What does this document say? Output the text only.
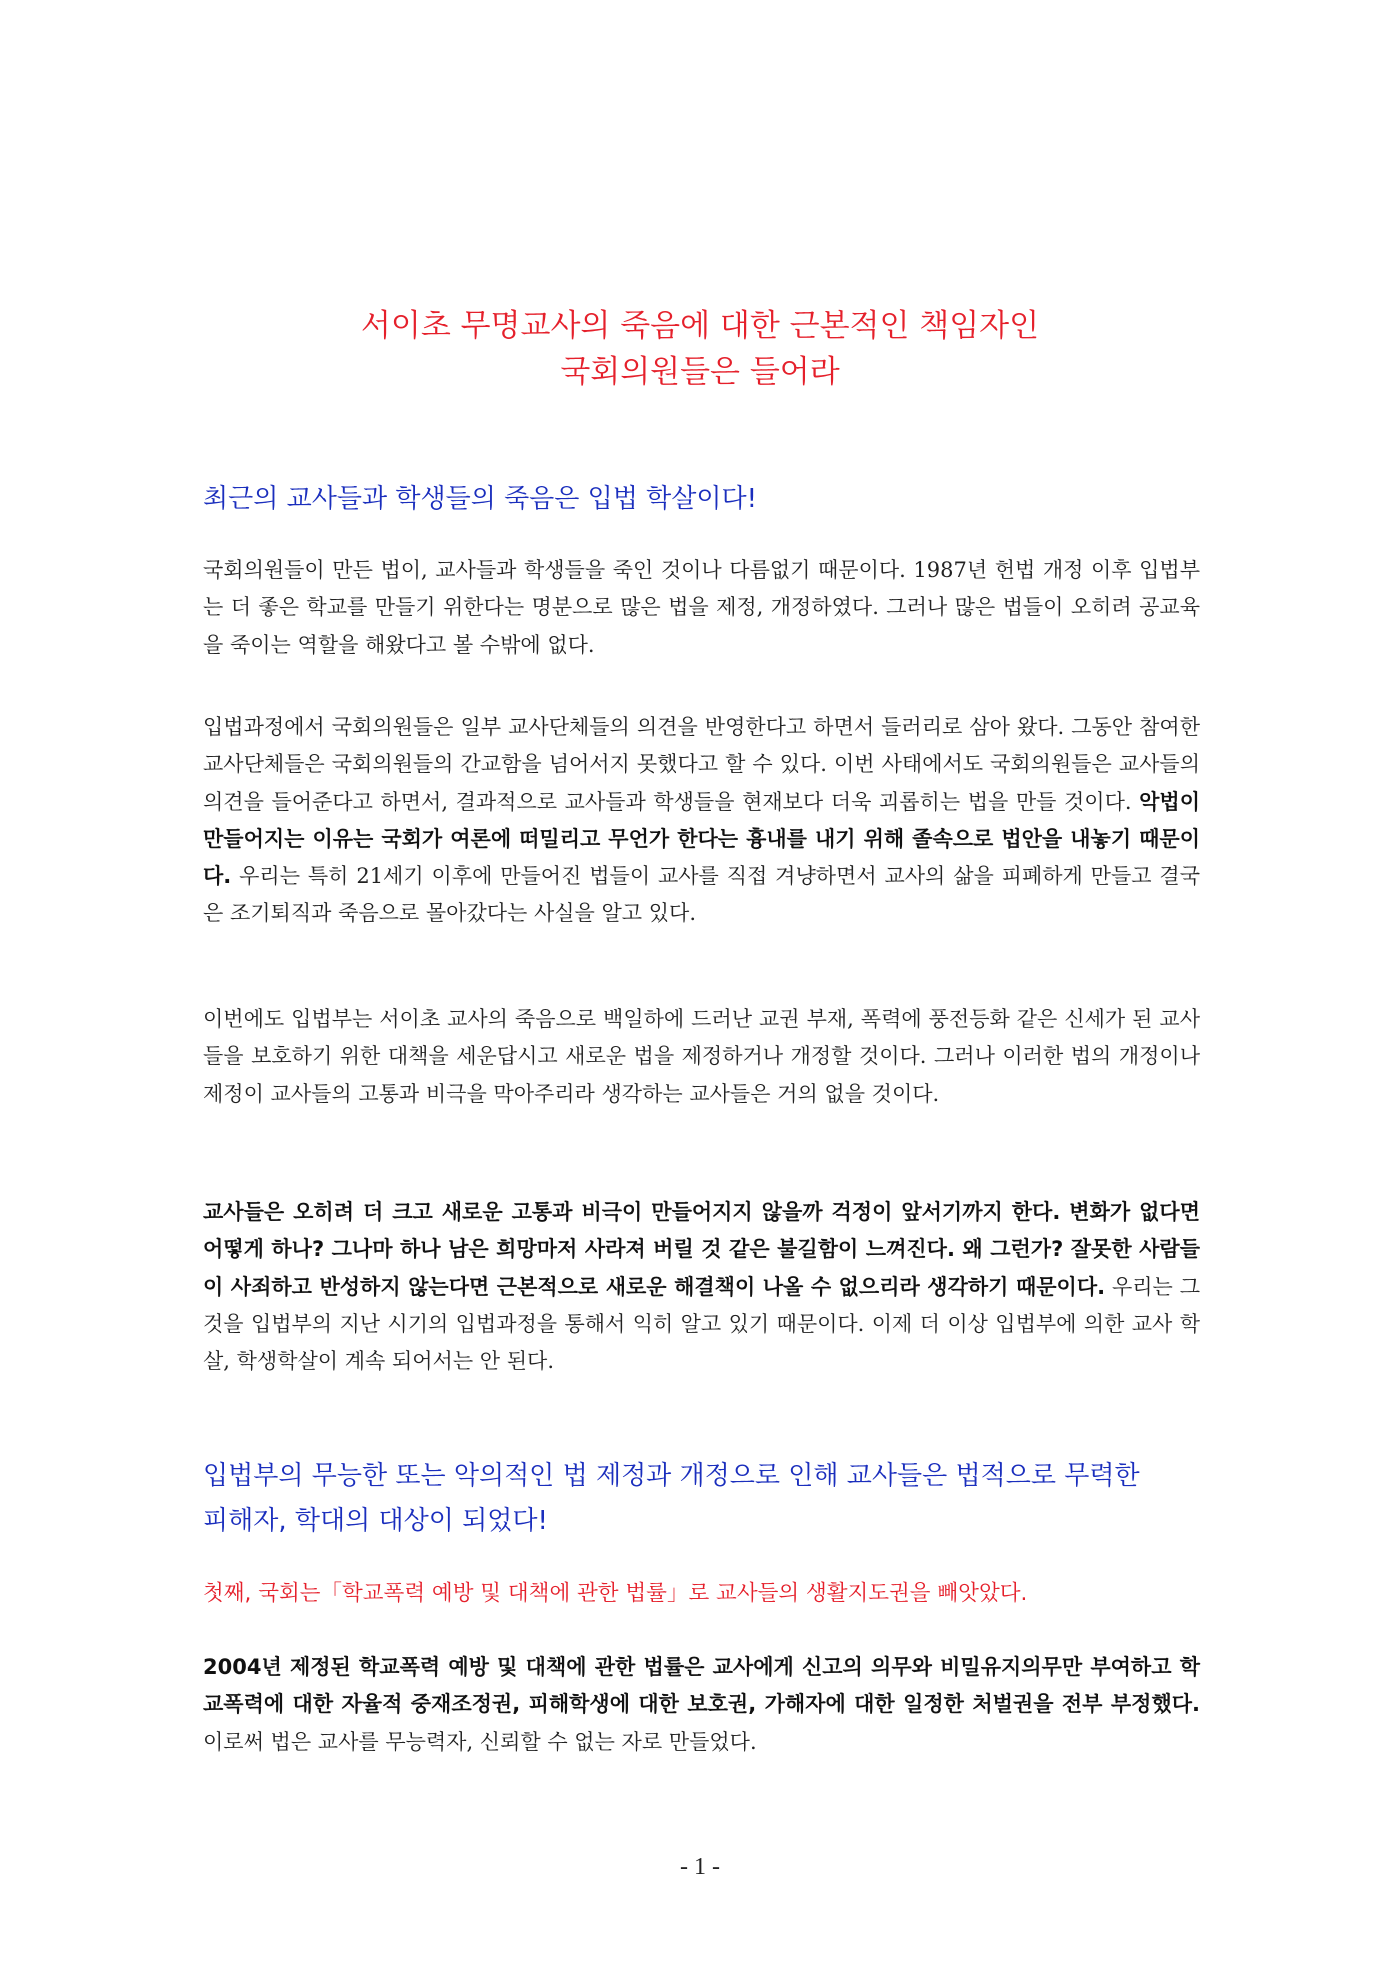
서이초 무명교사의 죽음에 대한 근본적인 책임자인
국회의원들은 들어라
최근의 교사들과 학생들의 죽음은 입법 학살이다!
국회의원들이 만든 법이, 교사들과 학생들을 죽인 것이나 다름없기 때문이다. 1987년 헌법 개정 이후 입법부는 더 좋은 학교를 만들기 위한다는 명분으로 많은 법을 제정, 개정하였다. 그러나 많은 법들이 오히려 공교육을 죽이는 역할을 해왔다고 볼 수밖에 없다.
입법과정에서 국회의원들은 일부 교사단체들의 의견을 반영한다고 하면서 들러리로 삼아 왔다. 그동안 참여한 교사단체들은 국회의원들의 간교함을 넘어서지 못했다고 할 수 있다. 이번 사태에서도 국회의원들은 교사들의 의견을 들어준다고 하면서, 결과적으로 교사들과 학생들을 현재보다 더욱 괴롭히는 법을 만들 것이다. 악법이 만들어지는 이유는 국회가 여론에 떠밀리고 무언가 한다는 흉내를 내기 위해 졸속으로 법안을 내놓기 때문이다. 우리는 특히 21세기 이후에 만들어진 법들이 교사를 직접 겨냥하면서 교사의 삶을 피폐하게 만들고 결국은 조기퇴직과 죽음으로 몰아갔다는 사실을 알고 있다.
이번에도 입법부는 서이초 교사의 죽음으로 백일하에 드러난 교권 부재, 폭력에 풍전등화 같은 신세가 된 교사들을 보호하기 위한 대책을 세운답시고 새로운 법을 제정하거나 개정할 것이다. 그러나 이러한 법의 개정이나 제정이 교사들의 고통과 비극을 막아주리라 생각하는 교사들은 거의 없을 것이다.
교사들은 오히려 더 크고 새로운 고통과 비극이 만들어지지 않을까 걱정이 앞서기까지 한다. 변화가 없다면 어떻게 하나? 그나마 하나 남은 희망마저 사라져 버릴 것 같은 불길함이 느껴진다. 왜 그런가? 잘못한 사람들이 사죄하고 반성하지 않는다면 근본적으로 새로운 해결책이 나올 수 없으리라 생각하기 때문이다. 우리는 그것을 입법부의 지난 시기의 입법과정을 통해서 익히 알고 있기 때문이다. 이제 더 이상 입법부에 의한 교사 학살, 학생학살이 계속 되어서는 안 된다.
입법부의 무능한 또는 악의적인 법 제정과 개정으로 인해 교사들은 법적으로 무력한
피해자, 학대의 대상이 되었다!
첫째, 국회는「학교폭력 예방 및 대책에 관한 법률」로 교사들의 생활지도권을 빼앗았다.
2004년 제정된 학교폭력 예방 및 대책에 관한 법률은 교사에게 신고의 의무와 비밀유지의무만 부여하고 학교폭력에 대한 자율적 중재조정권, 피해학생에 대한 보호권, 가해자에 대한 일정한 처벌권을 전부 부정했다. 이로써 법은 교사를 무능력자, 신뢰할 수 없는 자로 만들었다.
- 1 -
